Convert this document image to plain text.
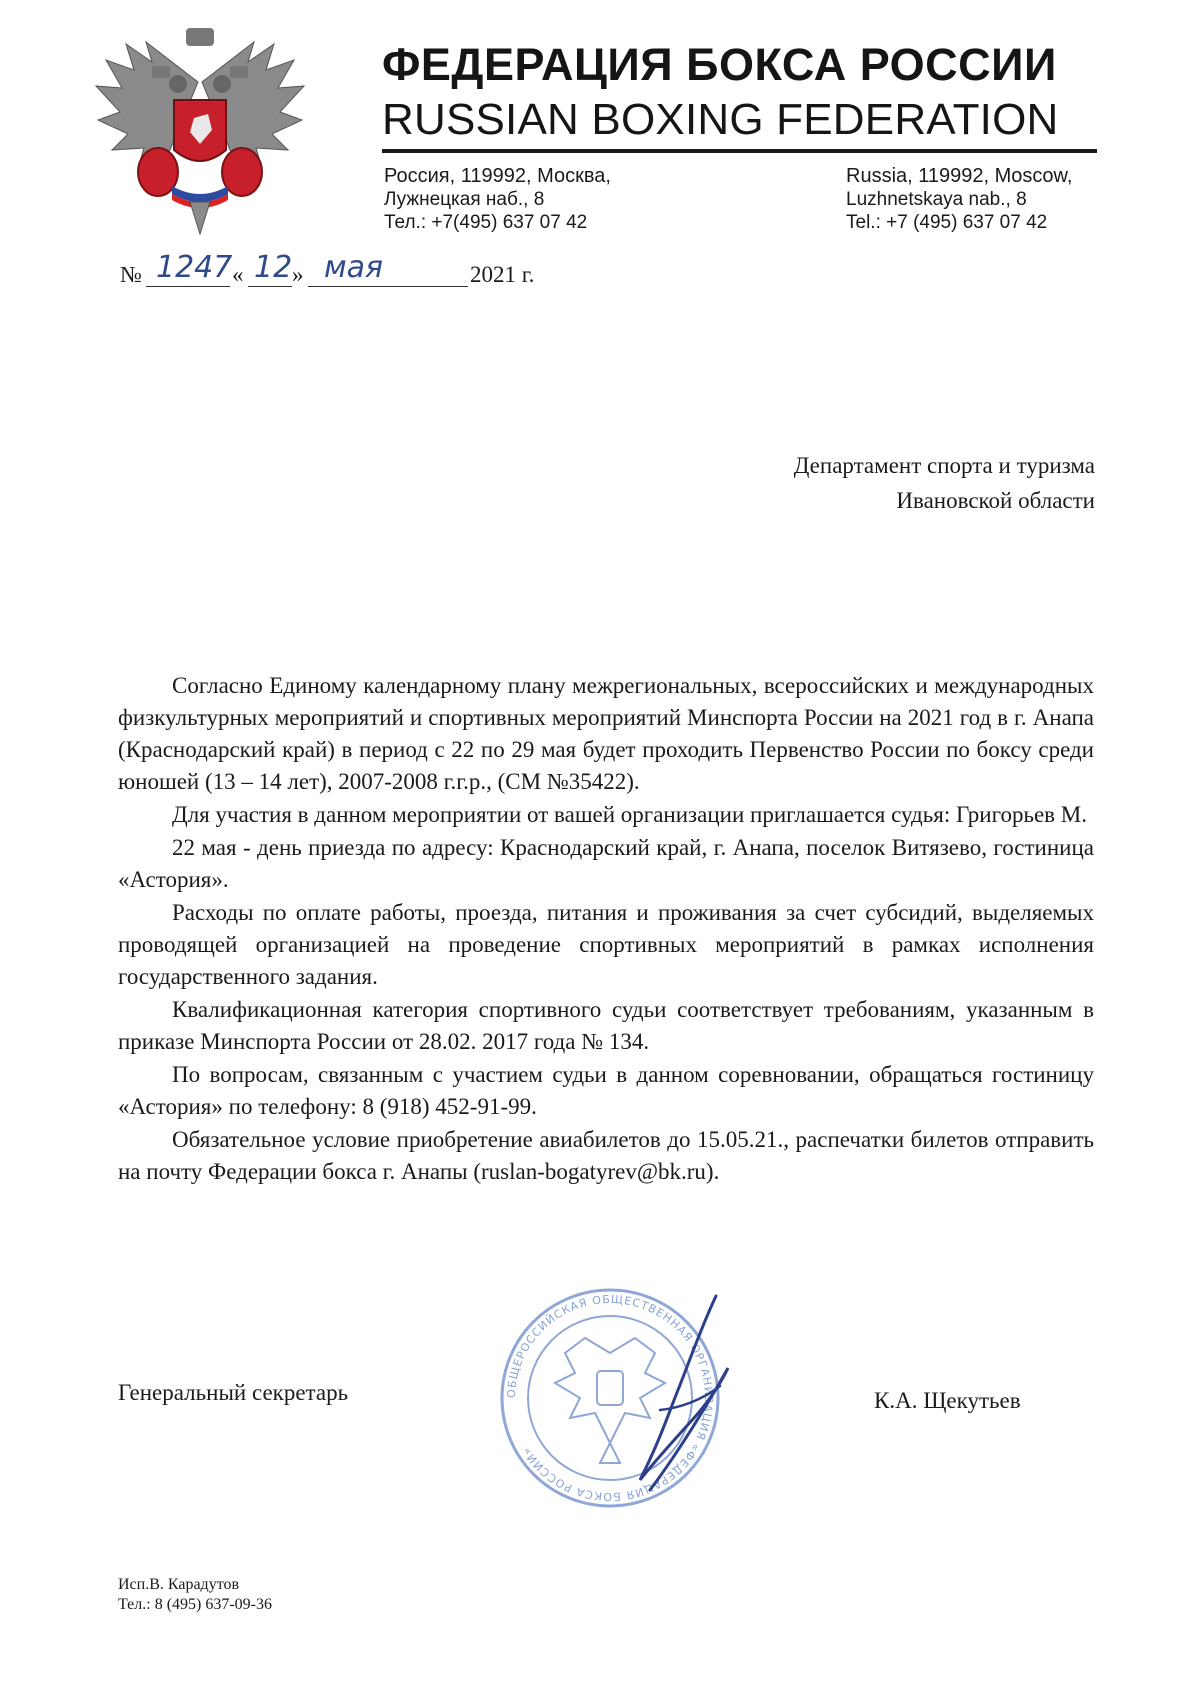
ФЕДЕРАЦИЯ БОКСА РОССИИ
RUSSIAN BOXING FEDERATION
Россия, 119992, Москва,
Лужнецкая наб., 8
Тел.: +7(495) 637 07 42
Russia, 119992, Moscow,
Luzhnetskaya nab., 8
Tel.: +7 (495) 637 07 42
№ 1247 « 12 » мая	2021 г.
Департамент спорта и туризма
Ивановской области

Согласно Единому календарному плану межрегиональных, всероссийских и международных физкультурных мероприятий и спортивных мероприятий Минспорта России на 2021 год в г. Анапа (Краснодарский край) в период с 22 по 29 мая будет проходить Первенство России по боксу среди юношей (13 – 14 лет), 2007-2008 г.г.р., (СМ №35422).

Для участия в данном мероприятии от вашей организации приглашается судья: Григорьев М.

22 мая - день приезда по адресу: Краснодарский край, г. Анапа, поселок Витязево, гостиница «Астория».

Расходы по оплате работы, проезда, питания и проживания за счет субсидий, выделяемых проводящей организацией на проведение спортивных мероприятий в рамках исполнения государственного задания.

Квалификационная категория спортивного судьи соответствует требованиям, указанным в приказе Минспорта России от 28.02. 2017 года № 134.

По вопросам, связанным с участием судьи в данном соревновании, обращаться гостиницу «Астория» по телефону: 8 (918) 452-91-99.

Обязательное условие приобретение авиабилетов до 15.05.21., распечатки билетов отправить на почту Федерации бокса г. Анапы (ruslan-bogatyrev@bk.ru).

ОБЩЕРОССИЙСКАЯ ОБЩЕСТВЕННАЯ ОРГАНИЗАЦИЯ «ФЕДЕРАЦИЯ БОКСА РОССИИ»
Генеральный секретарь	К.А. Щекутьев
Исп.В. Карадутов
Тел.: 8 (495) 637-09-36
